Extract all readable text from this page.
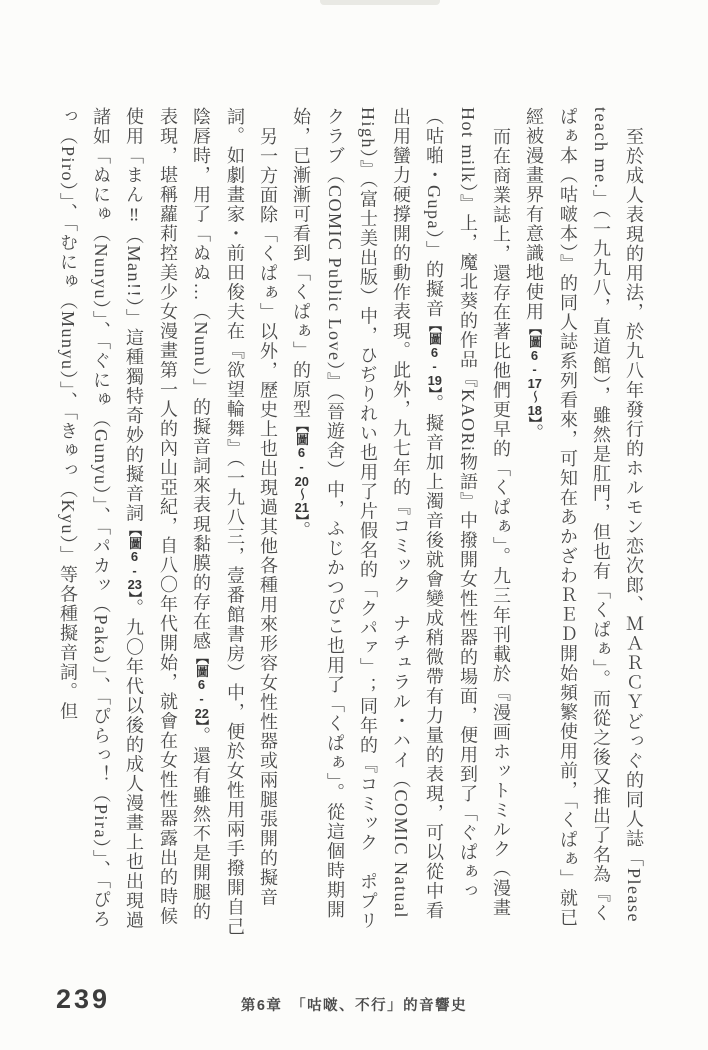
至於成人表現的用法，於九八年發行的ホルモン恋次郎、ＭＡＲＣＹどっぐ的同人誌「Please teach me.」（一九九八，直道館），雖然是肛門，但也有「くぱぁ」。而從之後又推出了名為『くぱぁ本（咕啵本）』的同人誌系列看來，可知在あかざわＲＥＤ開始頻繁使用前，「くぱぁ」就已經被漫畫界有意識地使用【圖6-17～18】。

而在商業誌上，還存在著比他們更早的「くぱぁ」。九三年刊載於『漫画ホットミルク（漫畫Hot milk）』上，魔北葵的作品『KAORi物語』中撥開女性性器的場面，便用到了「ぐぱぁっ（咕啪・Gupa）」的擬音【圖6-19】。擬音加上濁音後就會變成稍微帶有力量的表現，可以從中看出用蠻力硬撐開的動作表現。此外，九七年的『コミック　ナチュラル・ハイ（COMIC Natual High）』（富士美出版）中，ひぢりれい也用了片假名的「クパァ」；同年的『コミック　ポプリクラブ（COMIC Public Love）』（晉遊舍）中，ふじかつぴこ也用了「くぱぁ」。從這個時期開始，已漸漸可看到「くぱぁ」的原型【圖6-20～21】。

另一方面除「くぱぁ」以外，歷史上也出現過其他各種用來形容女性性器或兩腿張開的擬音詞。如劇畫家・前田俊夫在『欲望輪舞』（一九八三，壹番館書房）中，便於女性用兩手撥開自己陰唇時，用了「ぬぬ…（Nunu）」的擬音詞來表現黏膜的存在感【圖6-22】。還有雖然不是開腿的表現，堪稱蘿莉控美少女漫畫第一人的內山亞紀，自八〇年代開始，就會在女性性器露出的時候使用「まん‼（Man!!）」這種獨特奇妙的擬音詞【圖6-23】。九〇年代以後的成人漫畫上也出現過諸如「ぬにゅ（Nunyu）」、「ぐにゅ（Gunyu）」、「パカッ（Paka）」、「ぴらっ！（Pira）」、「ぴろっ（Piro）」、「むにゅ（Munyu）」、「きゅっ（Kyu）」等各種擬音詞。但

239	第6章　「咕啵、不行」的音響史
